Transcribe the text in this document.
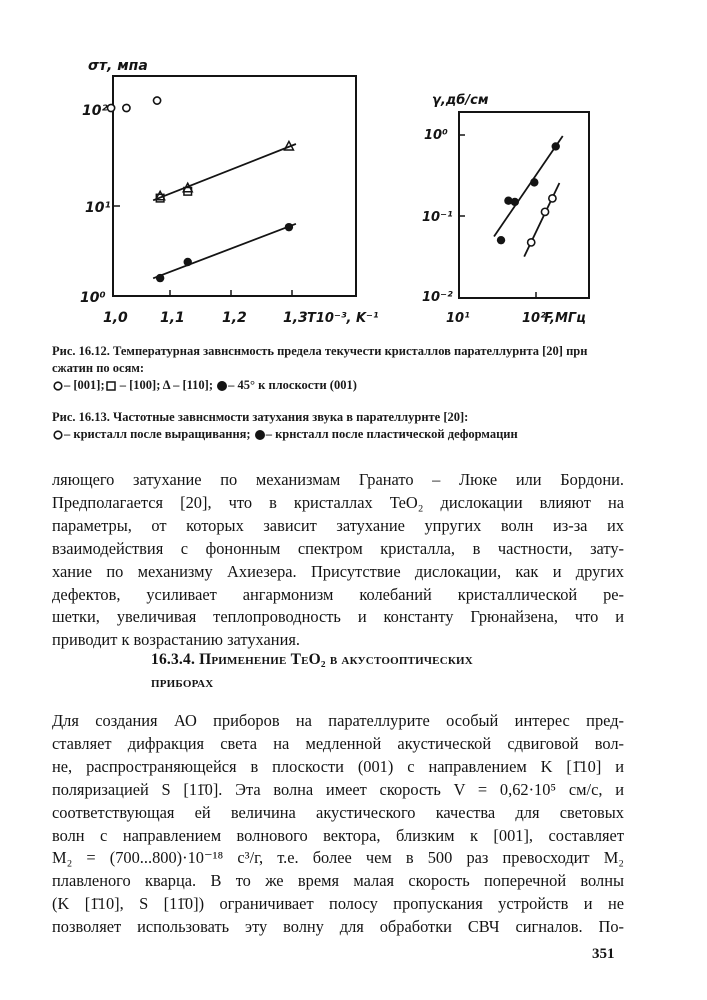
σт, мпа
10²
10¹
10⁰
1,0 1,1	1,2	1,3 T10⁻³, K⁻¹
γ,дб/см
10⁰
10⁻¹
10⁻²
10¹	10²
F,МГц
Рис. 16.12. Температурная завнснмость предела текучести кристаллов парателлурнта [20] прн сжатин по осям:
– [001]; – [100]; Δ – [110]; – 45° к плоскости (001)
Рис. 16.13. Частотные завнснмости затухания звука в парателлурнте [20]:
– кристалл после выращивання; – крнсталл после пластической деформацин
ляющего затухание по механизмам Гранато – Люке или Бордони.
Предполагается [20], что в кристаллах TeO₂ дислокации влияют на
параметры, от которых зависит затухание упругих волн из-за их
взаимодействия с фононным спектром кристалла, в частности, зату-
хание по механизму Ахиезера. Присутствие дислокации, как и других
дефектов, усиливает ангармонизм колебаний кристаллической ре-
шетки, увеличивая теплопроводность и константу Грюнайзена, что и
приводит к возрастанию затухания.
16.3.4. Применение TeO₂ в акустооптических
приборах
Для создания АО приборов на парателлурите особый интерес пред-
ставляет дифракция света на медленной акустической сдвиговой вол-
не, распространяющейся в плоскости (001) с направлением K [1̄10] и
поляризацией S [11̄0]. Эта волна имеет скорость V = 0,62·10⁵ см/с, и
соответствующая ей величина акустического качества для световых
волн с направлением волнового вектора, близким к [001], составляет
M₂ = (700...800)·10⁻¹⁸ с³/г, т.е. более чем в 500 раз превосходит M₂
плавленого кварца. В то же время малая скорость поперечной волны
(K [1̄10], S [11̄0]) ограничивает полосу пропускания устройств и не
позволяет использовать эту волну для обработки СВЧ сигналов. По-
351
